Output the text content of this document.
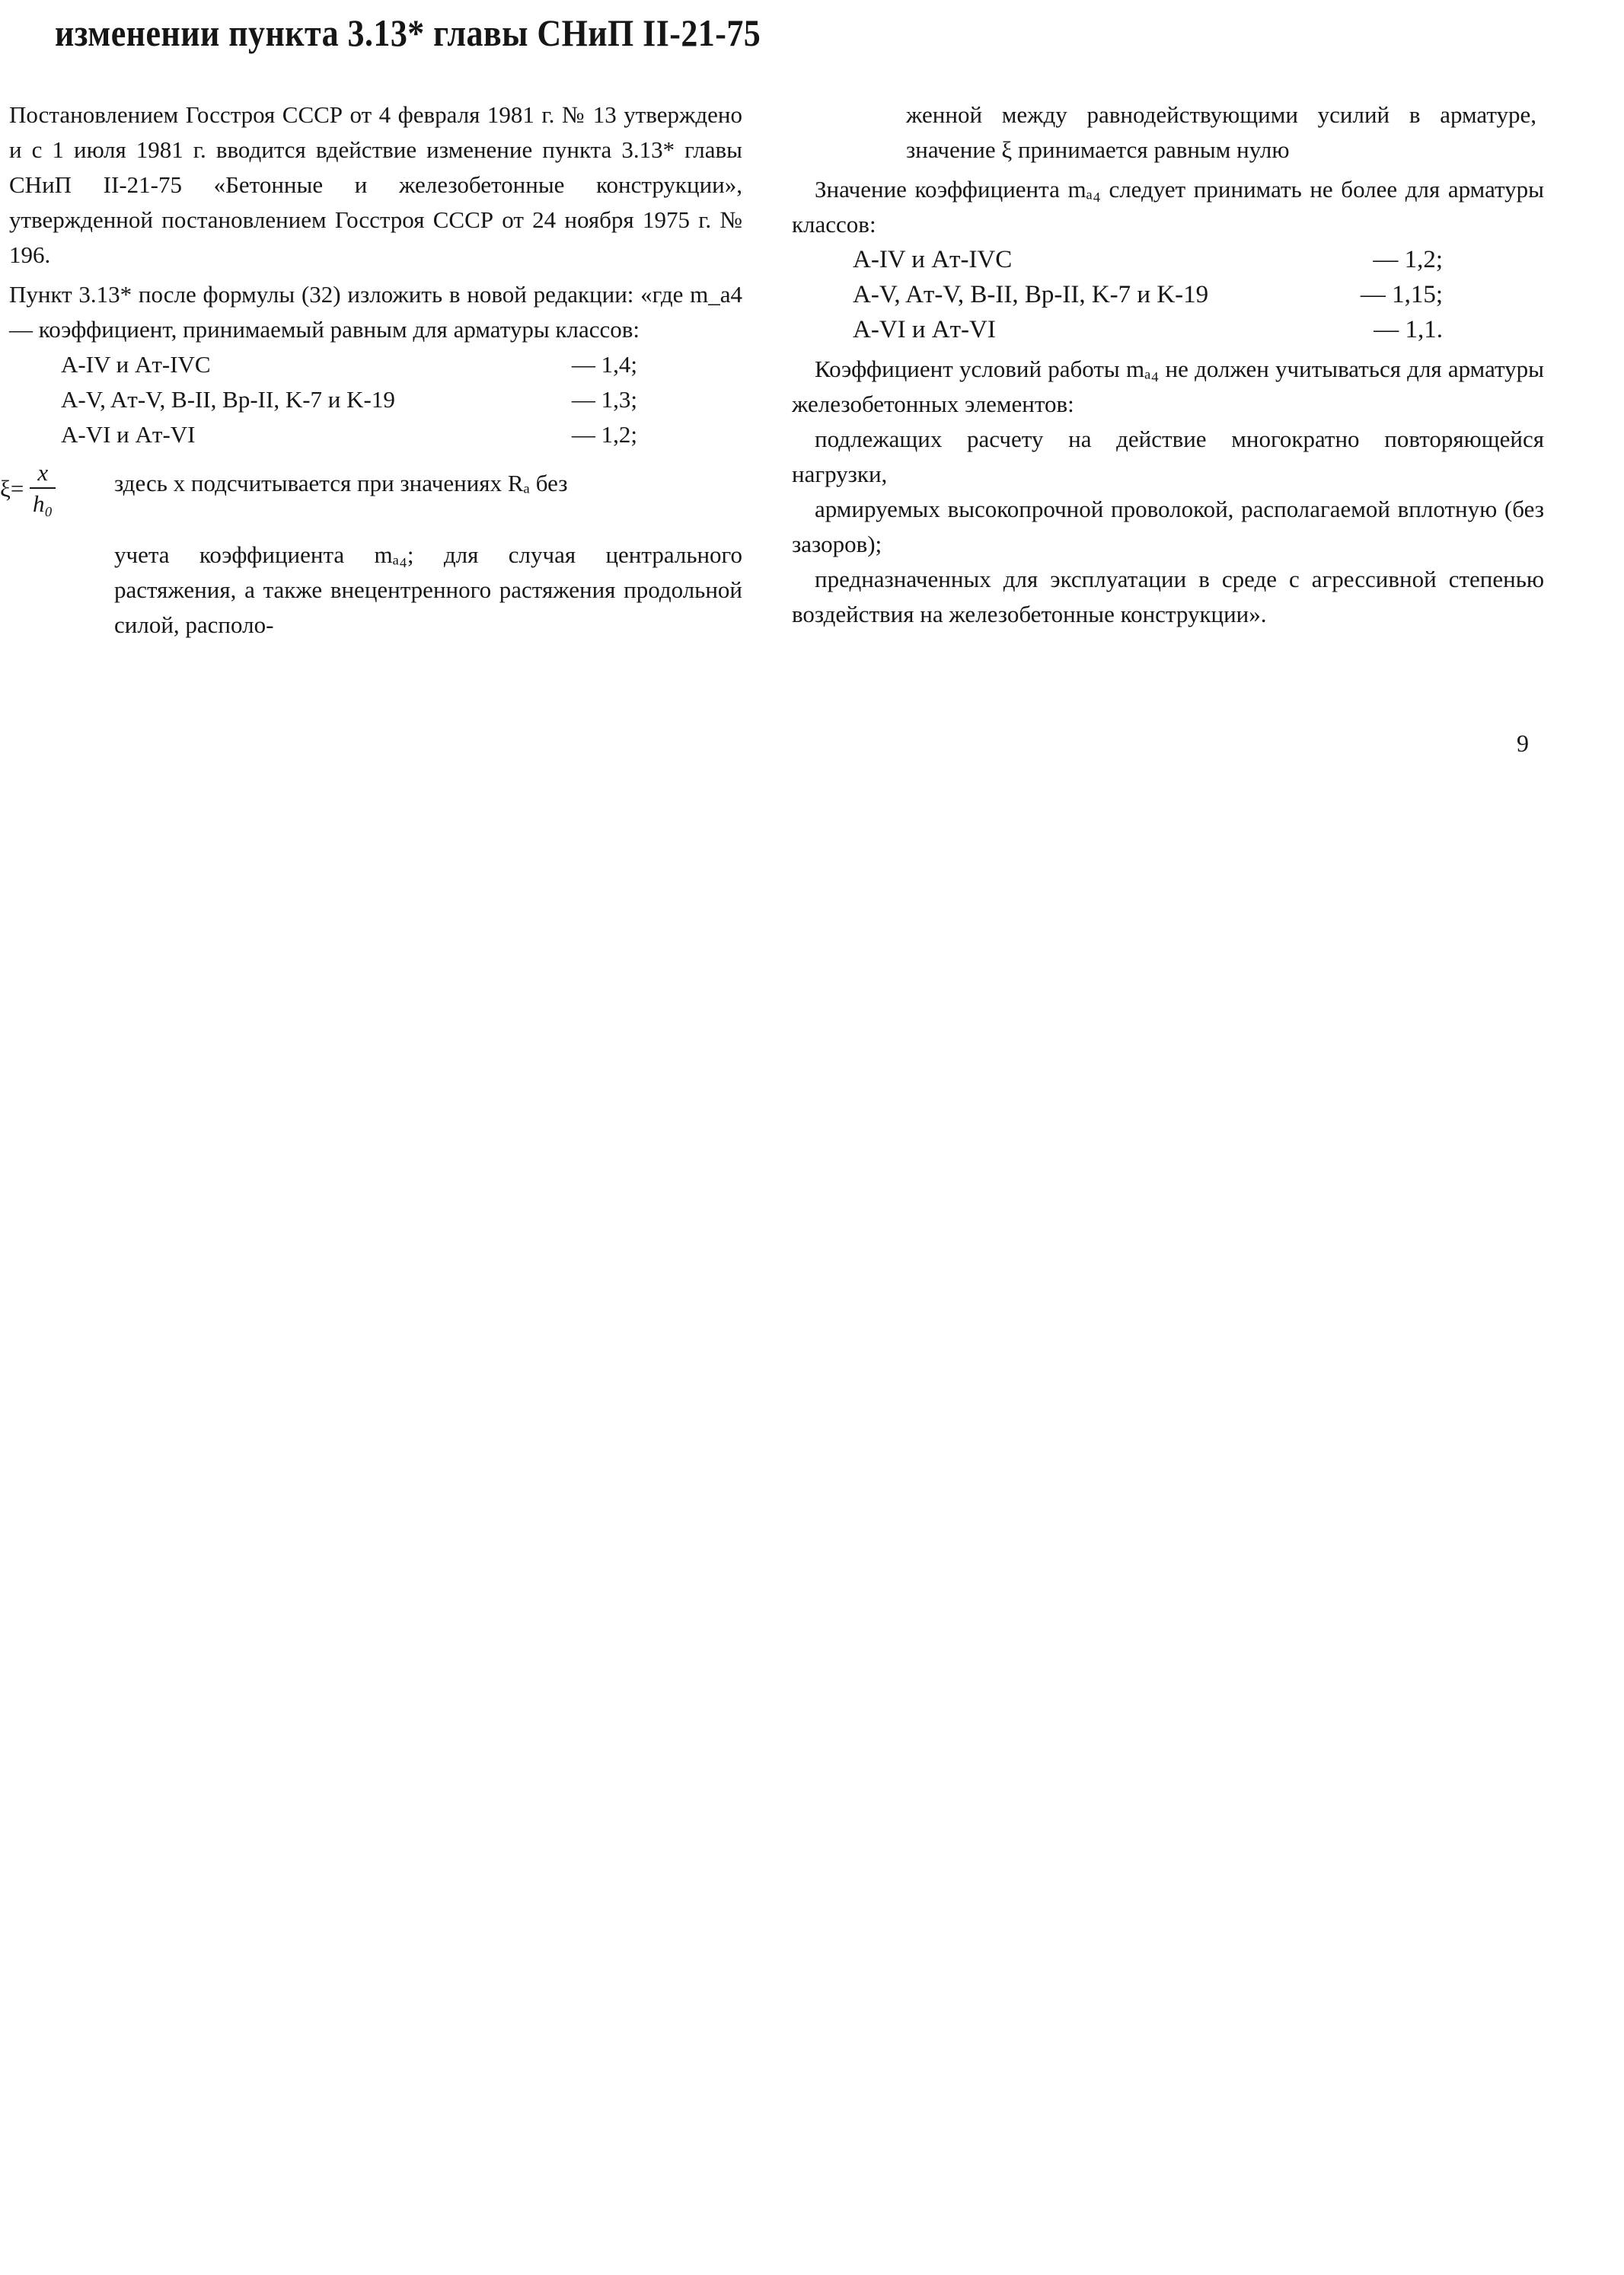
изменении пункта 3.13* главы СНиП II-21-75

Постановлением Госстроя СССР от 4 февраля 1981 г. № 13 утверждено и с 1 июля 1981 г. вводится вдействие изменение пункта 3.13* главы СНиП II-21-75 «Бетонные и железобетонные конструкции», утвержденной постановлением Госстроя СССР от 24 ноября 1975 г. № 196.

Пункт 3.13* после формулы (32) изложить в новой редакции: «где m_a4 — коэффициент, принимаемый равным для арматуры классов:

A-IV и Aт-IVC	— 1,4;
A-V, Aт-V, B-II, Bp-II, K-7 и K-19	— 1,3;
A-VI и Aт-VI	— 1,2;
$\xi= \frac{x}{\text{h₀}}$ здесь x подсчитывается при значениях Rₐ без

учета коэффициента mₐ₄; для случая центрального растяжения, а также внецентренного растяжения продольной силой, располо-

женной между равнодействующими усилий в арматуре, значение ξ принимается равным нулю

Значение коэффициента mₐ₄ следует принимать не более для арматуры классов:

A-IV и Aт-IVC	— 1,2;
A-V, Aт-V, B-II, Bp-II, K-7 и K-19	— 1,15;
A-VI и Aт-VI	— 1,1.

Коэффициент условий работы mₐ₄ не должен учитываться для арматуры железобетонных элементов:

подлежащих расчету на действие многократно повторяющейся нагрузки,

армируемых высокопрочной проволокой, располагаемой вплотную (без зазоров);

предназначенных для эксплуатации в среде с агрессивной степенью воздействия на железобетонные конструкции».

9
